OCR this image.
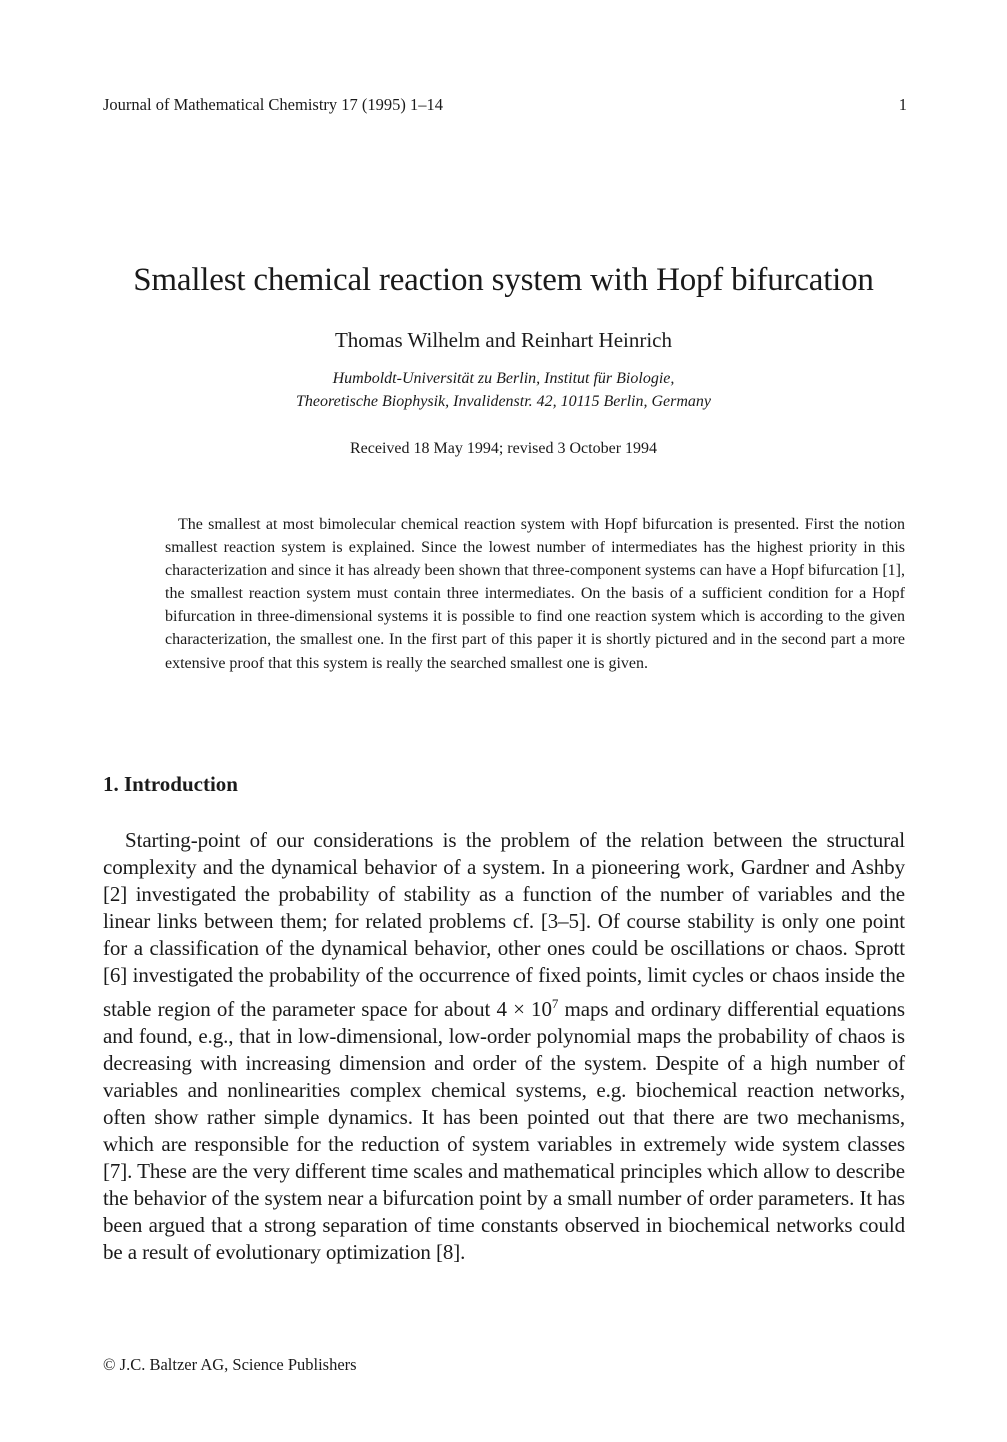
Journal of Mathematical Chemistry 17 (1995) 1–14	1
Smallest chemical reaction system with Hopf bifurcation
Thomas Wilhelm and Reinhart Heinrich
Humboldt-Universität zu Berlin, Institut für Biologie,
Theoretische Biophysik, Invalidenstr. 42, 10115 Berlin, Germany
Received 18 May 1994; revised 3 October 1994

The smallest at most bimolecular chemical reaction system with Hopf bifurcation is presented. First the notion smallest reaction system is explained. Since the lowest number of intermediates has the highest priority in this characterization and since it has already been shown that three-component systems can have a Hopf bifurcation [1], the smallest reaction system must contain three intermediates. On the basis of a sufficient condition for a Hopf bifurcation in three-dimensional systems it is possible to find one reaction system which is according to the given characterization, the smallest one. In the first part of this paper it is shortly pictured and in the second part a more extensive proof that this system is really the searched smallest one is given.

1. Introduction

Starting-point of our considerations is the problem of the relation between the structural complexity and the dynamical behavior of a system. In a pioneering work, Gardner and Ashby [2] investigated the probability of stability as a function of the number of variables and the linear links between them; for related problems cf. [3–5]. Of course stability is only one point for a classification of the dynamical behavior, other ones could be oscillations or chaos. Sprott [6] investigated the probability of the occurrence of fixed points, limit cycles or chaos inside the stable region of the parameter space for about $4 \times 10^7$ maps and ordinary differential equations and found, e.g., that in low-dimensional, low-order polynomial maps the probability of chaos is decreasing with increasing dimension and order of the system. Despite of a high number of variables and nonlinearities complex chemical systems, e.g. biochemical reaction networks, often show rather simple dynamics. It has been pointed out that there are two mechanisms, which are responsible for the reduction of system variables in extremely wide system classes [7]. These are the very different time scales and mathematical principles which allow to describe the behavior of the system near a bifurcation point by a small number of order parameters. It has been argued that a strong separation of time constants observed in biochemical networks could be a result of evolutionary optimization [8].

© J.C. Baltzer AG, Science Publishers
